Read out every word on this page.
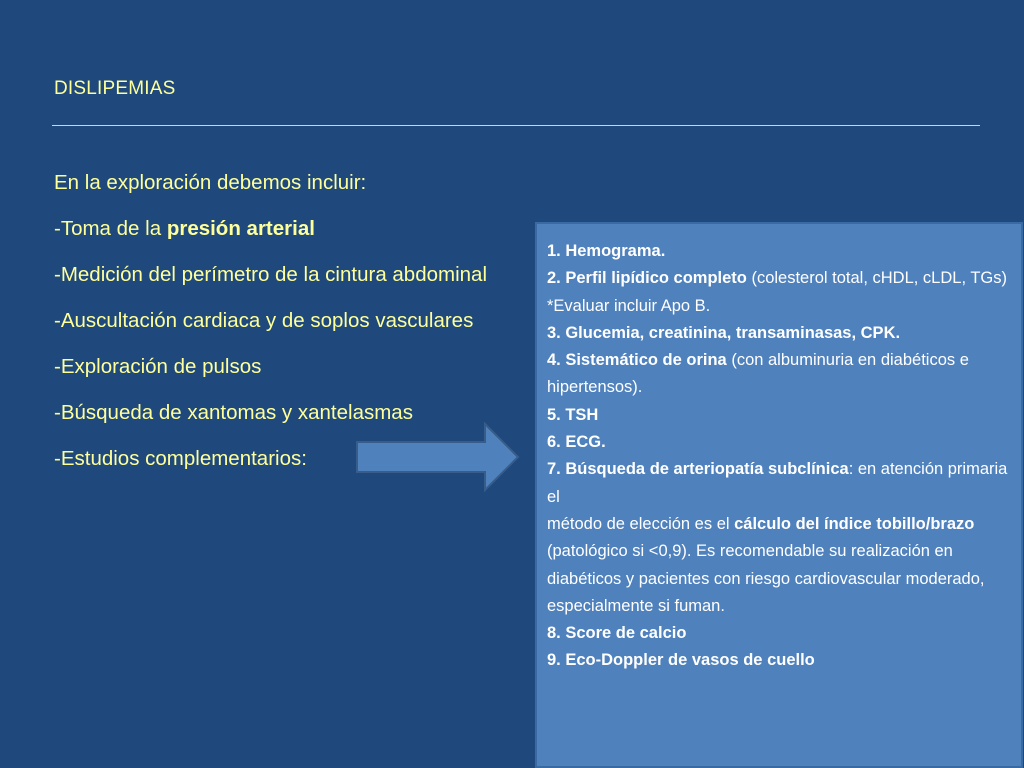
DISLIPEMIAS
En la exploración debemos incluir:
-Toma de la presión arterial
-Medición del perímetro de la cintura abdominal
-Auscultación cardiaca y de soplos vasculares
-Exploración de pulsos
-Búsqueda de xantomas y xantelasmas
-Estudios complementarios:
1. Hemograma.
2. Perfil lipídico completo (colesterol total, cHDL, cLDL, TGs) *Evaluar incluir Apo B.
3. Glucemia, creatinina, transaminasas, CPK.
4. Sistemático de orina (con albuminuria en diabéticos e hipertensos).
5. TSH
6. ECG.
7. Búsqueda de arteriopatía subclínica: en atención primaria el
método de elección es el cálculo del índice tobillo/brazo
(patológico si <0,9). Es recomendable su realización en diabéticos y pacientes con riesgo cardiovascular moderado, especialmente si fuman.
8. Score de calcio
9. Eco-Doppler de vasos de cuello
